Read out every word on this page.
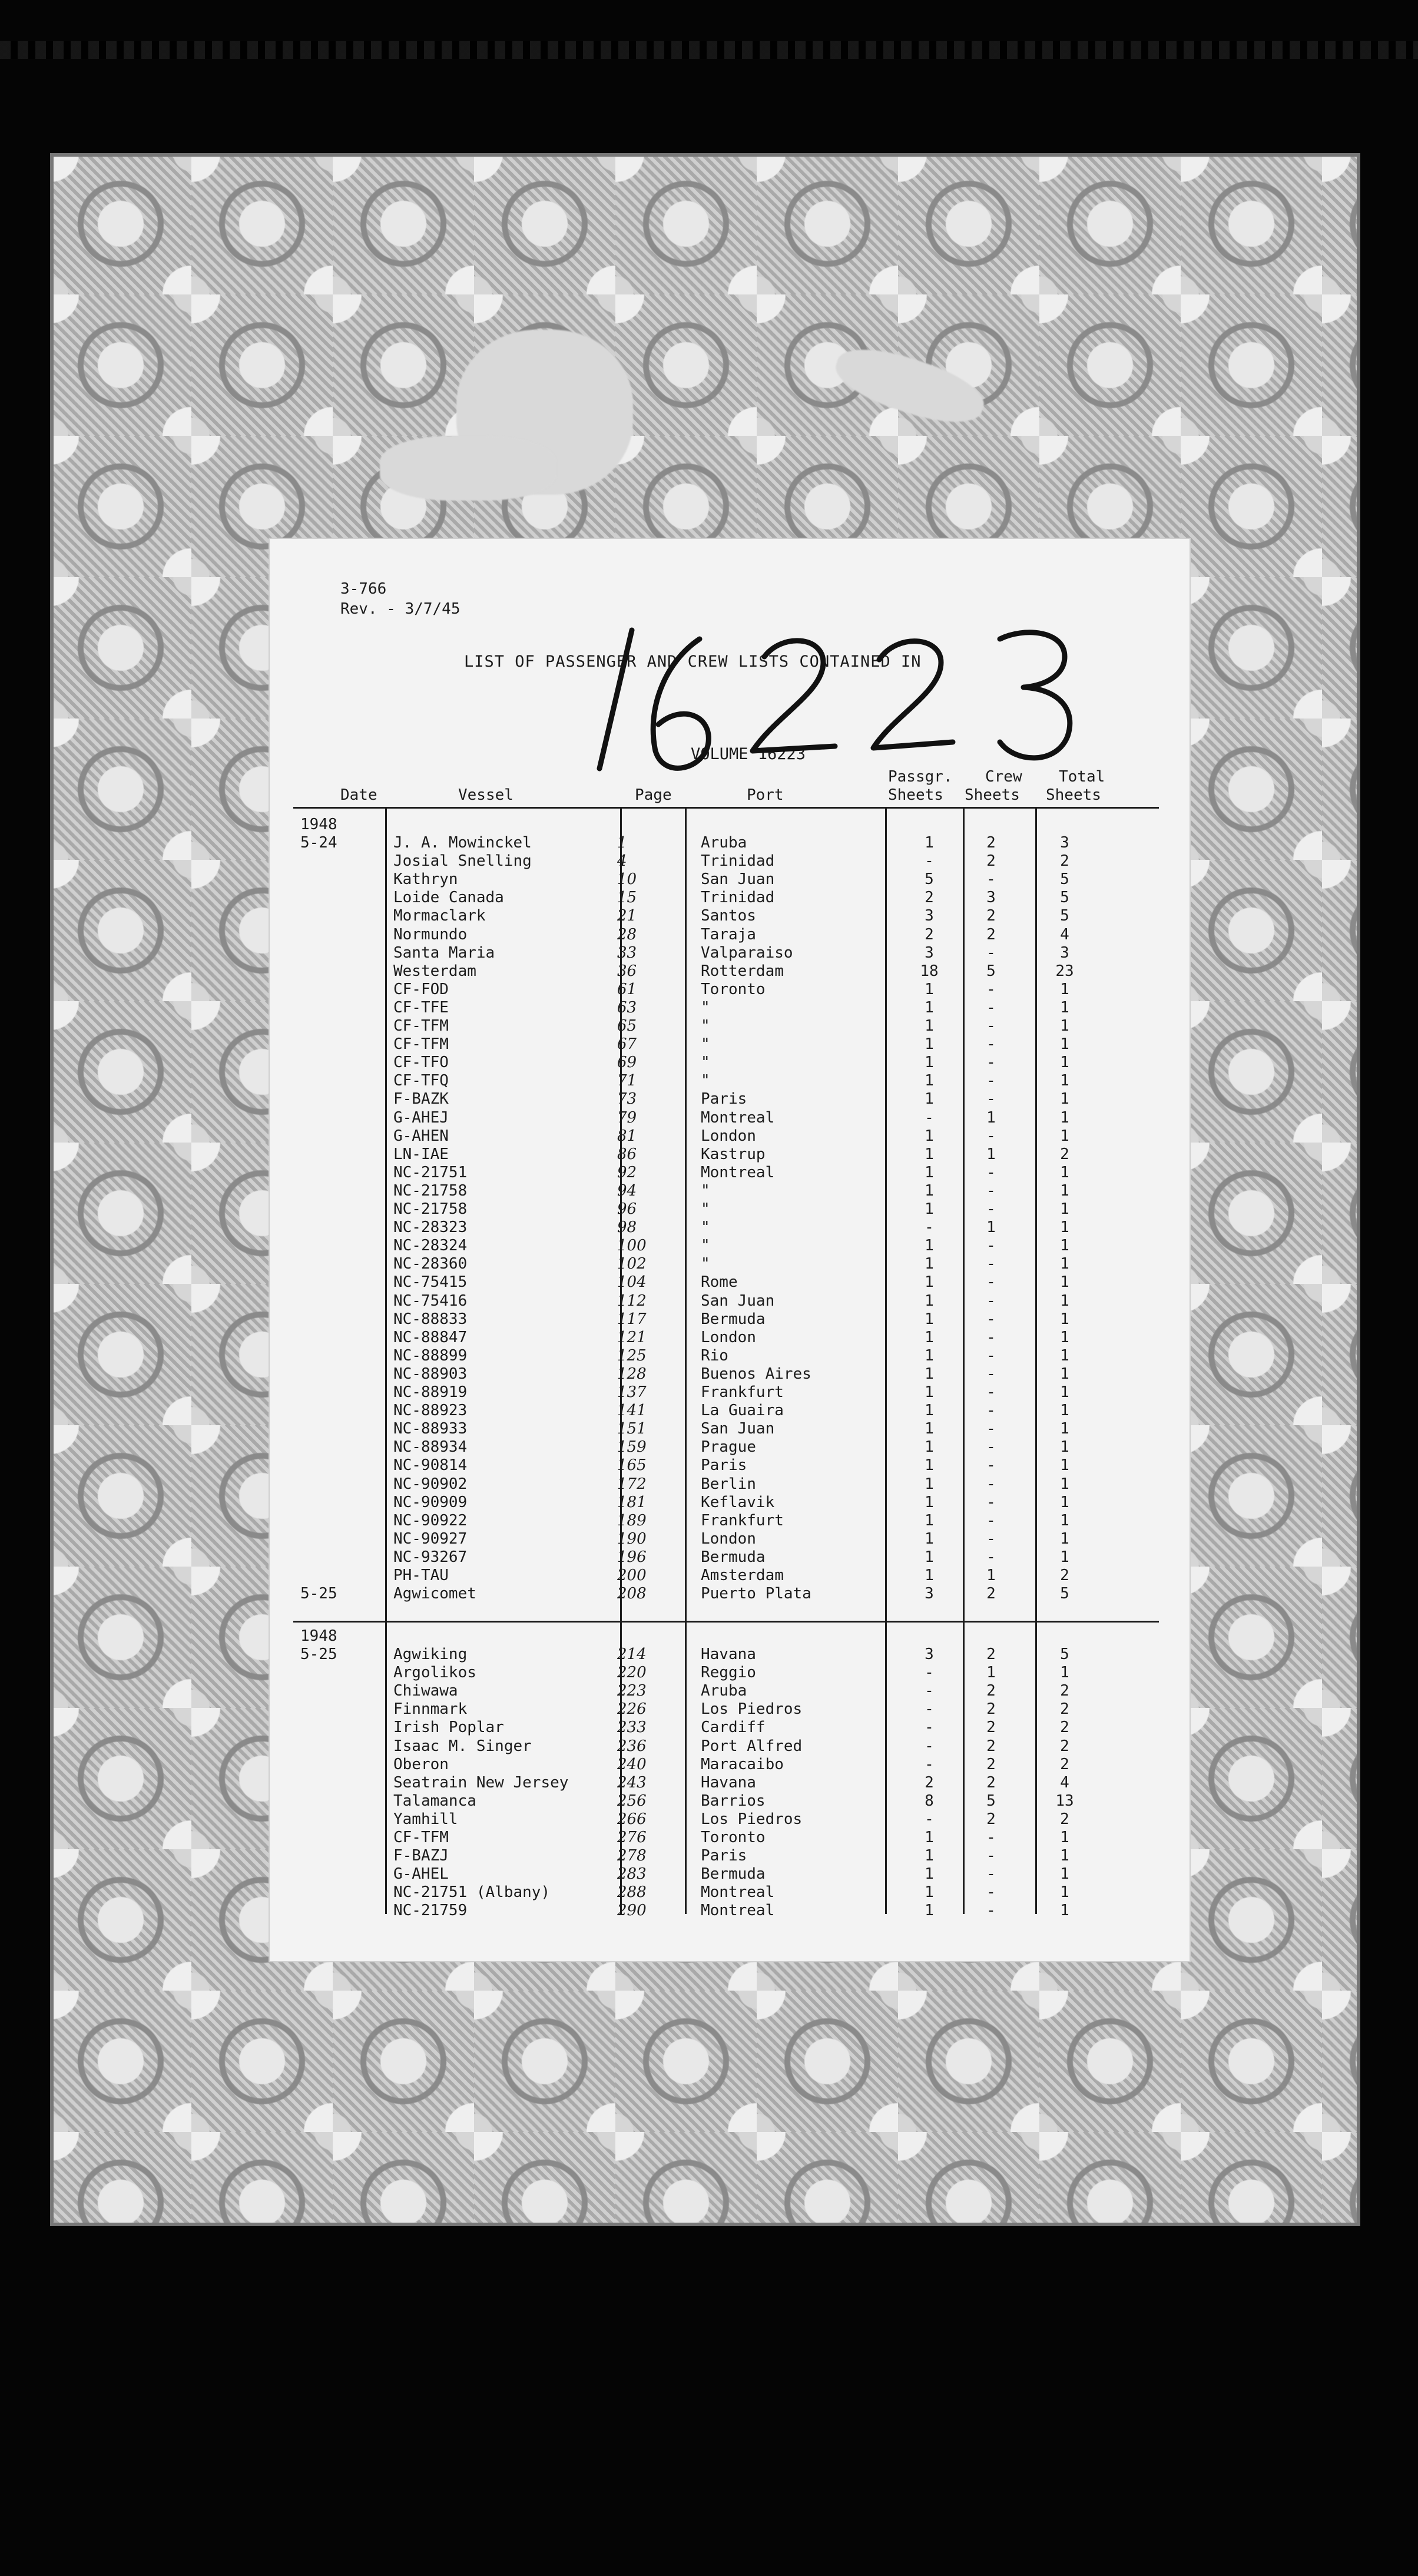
3-766
Rev. - 3/7/45
LIST OF PASSENGER AND CREW LISTS CONTAINED IN
VOLUME 16223
Date	Vessel	Page	Port
Passgr.
Sheets
Crew
Sheets
Total
Sheets
1948
5-24	J. A. Mowinckel	1	Aruba	1	2	3
Josial Snelling	4	Trinidad	-	2	2
Kathryn	10	San Juan	5	-	5
Loide Canada	15	Trinidad	2	3	5
Mormaclark	21	Santos	3	2	5
Normundo	28	Taraja	2	2	4
Santa Maria	33	Valparaiso	3	-	3
Westerdam	36	Rotterdam	18	5	23
CF-FOD	61	Toronto	1	-	1
CF-TFE	63	"	1	-	1
CF-TFM	65	"	1	-	1
CF-TFM	67	"	1	-	1
CF-TFO	69	"	1	-	1
CF-TFQ	71	"	1	-	1
F-BAZK	73	Paris	1	-	1
G-AHEJ	79	Montreal	-	1	1
G-AHEN	81	London	1	-	1
LN-IAE	86	Kastrup	1	1	2
NC-21751	92	Montreal	1	-	1
NC-21758	94	"	1	-	1
NC-21758	96	"	1	-	1
NC-28323	98	"	-	1	1
NC-28324	100	"	1	-	1
NC-28360	102	"	1	-	1
NC-75415	104	Rome	1	-	1
NC-75416	112	San Juan	1	-	1
NC-88833	117	Bermuda	1	-	1
NC-88847	121	London	1	-	1
NC-88899	125	Rio	1	-	1
NC-88903	128	Buenos Aires	1	-	1
NC-88919	137	Frankfurt	1	-	1
NC-88923	141	La Guaira	1	-	1
NC-88933	151	San Juan	1	-	1
NC-88934	159	Prague	1	-	1
NC-90814	165	Paris	1	-	1
NC-90902	172	Berlin	1	-	1
NC-90909	181	Keflavik	1	-	1
NC-90922	189	Frankfurt	1	-	1
NC-90927	190	London	1	-	1
NC-93267	196	Bermuda	1	-	1
PH-TAU	200	Amsterdam	1	1	2
5-25	Agwicomet	208	Puerto Plata	3	2	5
1948
5-25	Agwiking	214	Havana	3	2	5
Argolikos	220	Reggio	-	1	1
Chiwawa	223	Aruba	-	2	2
Finnmark	226	Los Piedros	-	2	2
Irish Poplar	233	Cardiff	-	2	2
Isaac M. Singer	236	Port Alfred	-	2	2
Oberon	240	Maracaibo	-	2	2
Seatrain New Jersey	243	Havana	2	2	4
Talamanca	256	Barrios	8	5	13
Yamhill	266	Los Piedros	-	2	2
CF-TFM	276	Toronto	1	-	1
F-BAZJ	278	Paris	1	-	1
G-AHEL	283	Bermuda	1	-	1
NC-21751 (Albany)	288	Montreal	1	-	1
NC-21759	290	Montreal	1	-	1
